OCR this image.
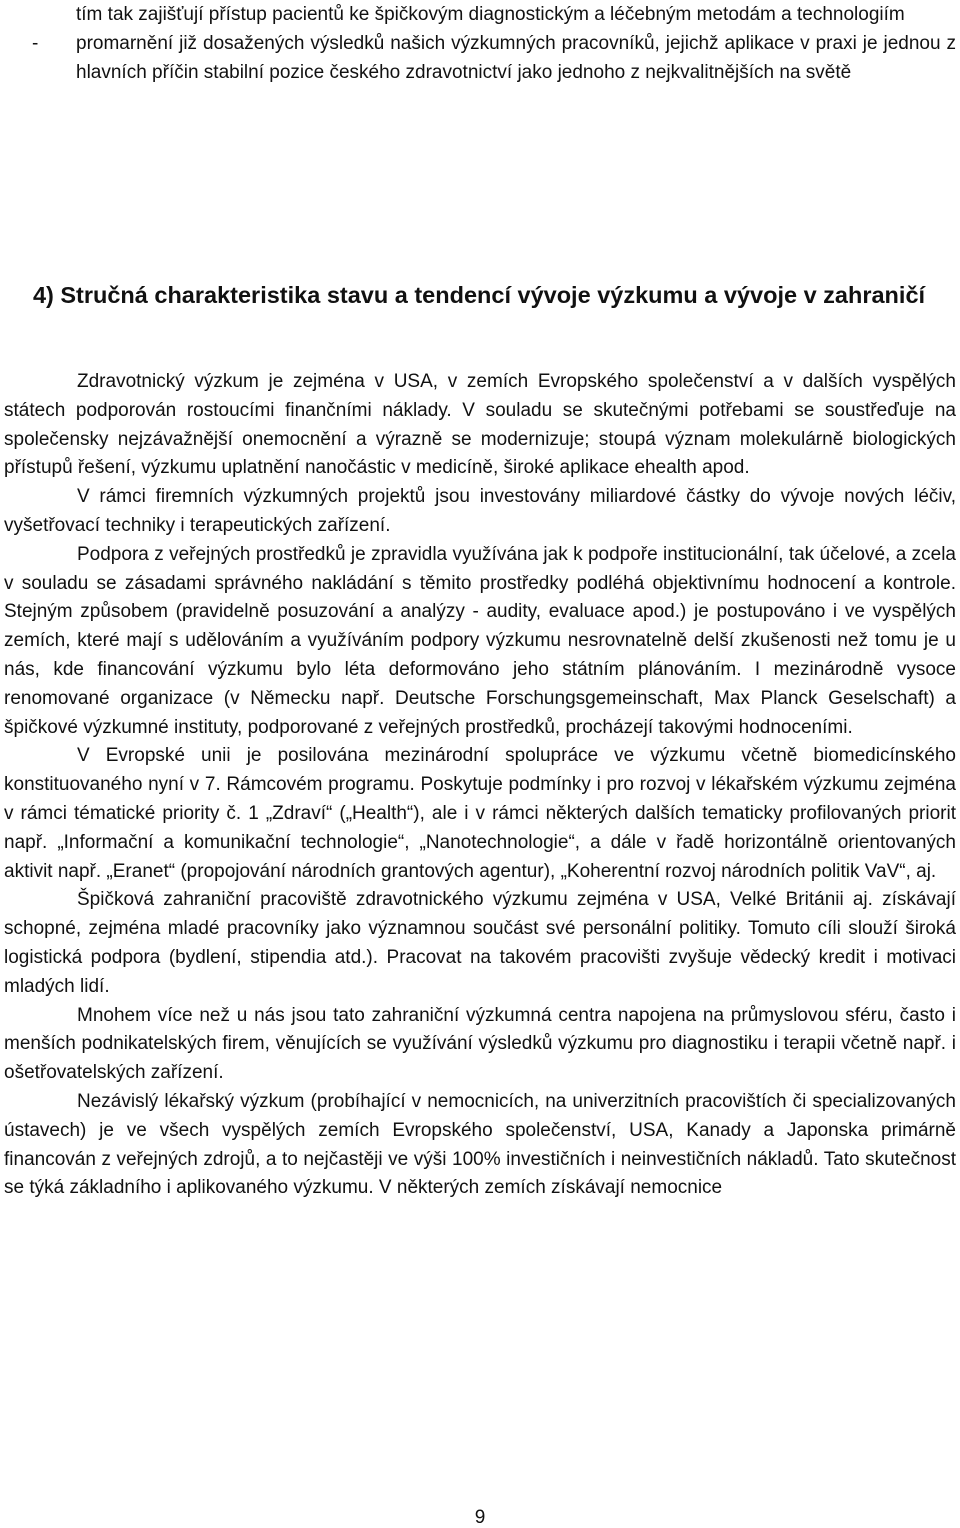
tím tak zajišťují přístup pacientů ke špičkovým diagnostickým a léčebným metodám a technologiím

- promarnění již dosažených výsledků našich výzkumných pracovníků, jejichž aplikace v praxi je jednou z hlavních příčin stabilní pozice českého zdravotnictví jako jednoho z nejkvalitnějších na světě

4) Stručná charakteristika stavu a tendencí vývoje výzkumu a vývoje v zahraničí

Zdravotnický výzkum je zejména v USA, v zemích Evropského společenství a v dalších vyspělých státech podporován rostoucími finančními náklady. V souladu se skutečnými potřebami se soustřeďuje na společensky nejzávažnější onemocnění a výrazně se modernizuje; stoupá význam molekulárně biologických přístupů řešení, výzkumu uplatnění nanočástic v medicíně, široké aplikace ehealth apod.

V rámci firemních výzkumných projektů jsou investovány miliardové částky do vývoje nových léčiv, vyšetřovací techniky i terapeutických zařízení.

Podpora z veřejných prostředků je zpravidla využívána jak k podpoře institucionální, tak účelové, a zcela v souladu se zásadami správného nakládání s těmito prostředky podléhá objektivnímu hodnocení a kontrole. Stejným způsobem (pravidelně posuzování a analýzy - audity, evaluace apod.) je postupováno i ve vyspělých zemích, které mají s udělováním a využíváním podpory výzkumu nesrovnatelně delší zkušenosti než tomu je u nás, kde financování výzkumu bylo léta deformováno jeho státním plánováním. I mezinárodně vysoce renomované organizace (v Německu např. Deutsche Forschungsgemeinschaft, Max Planck Geselschaft) a špičkové výzkumné instituty, podporované z veřejných prostředků, procházejí takovými hodnoceními.

V Evropské unii je posilována mezinárodní spolupráce ve výzkumu včetně biomedicínského konstituovaného nyní v 7. Rámcovém programu. Poskytuje podmínky i pro rozvoj v lékařském výzkumu zejména v rámci tématické priority č. 1 „Zdraví“ („Health“), ale i v rámci některých dalších tematicky profilovaných priorit např. „Informační a komunikační technologie“, „Nanotechnologie“, a dále v řadě horizontálně orientovaných aktivit např. „Eranet“ (propojování národních grantových agentur), „Koherentní rozvoj národních politik VaV“, aj.

Špičková zahraniční pracoviště zdravotnického výzkumu zejména v USA, Velké Británii aj. získávají schopné, zejména mladé pracovníky jako významnou součást své personální politiky. Tomuto cíli slouží široká logistická podpora (bydlení, stipendia atd.). Pracovat na takovém pracovišti zvyšuje vědecký kredit i motivaci mladých lidí.

Mnohem více než u nás jsou tato zahraniční výzkumná centra napojena na průmyslovou sféru, často i menších podnikatelských firem, věnujících se využívání výsledků výzkumu pro diagnostiku i terapii včetně např. i ošetřovatelských zařízení.

Nezávislý lékařský výzkum (probíhající v nemocnicích, na univerzitních pracovištích či specializovaných ústavech) je ve všech vyspělých zemích Evropského společenství, USA, Kanady a Japonska primárně financován z veřejných zdrojů, a to nejčastěji ve výši 100% investičních i neinvestičních nákladů. Tato skutečnost se týká základního i aplikovaného výzkumu. V některých zemích získávají nemocnice

9
